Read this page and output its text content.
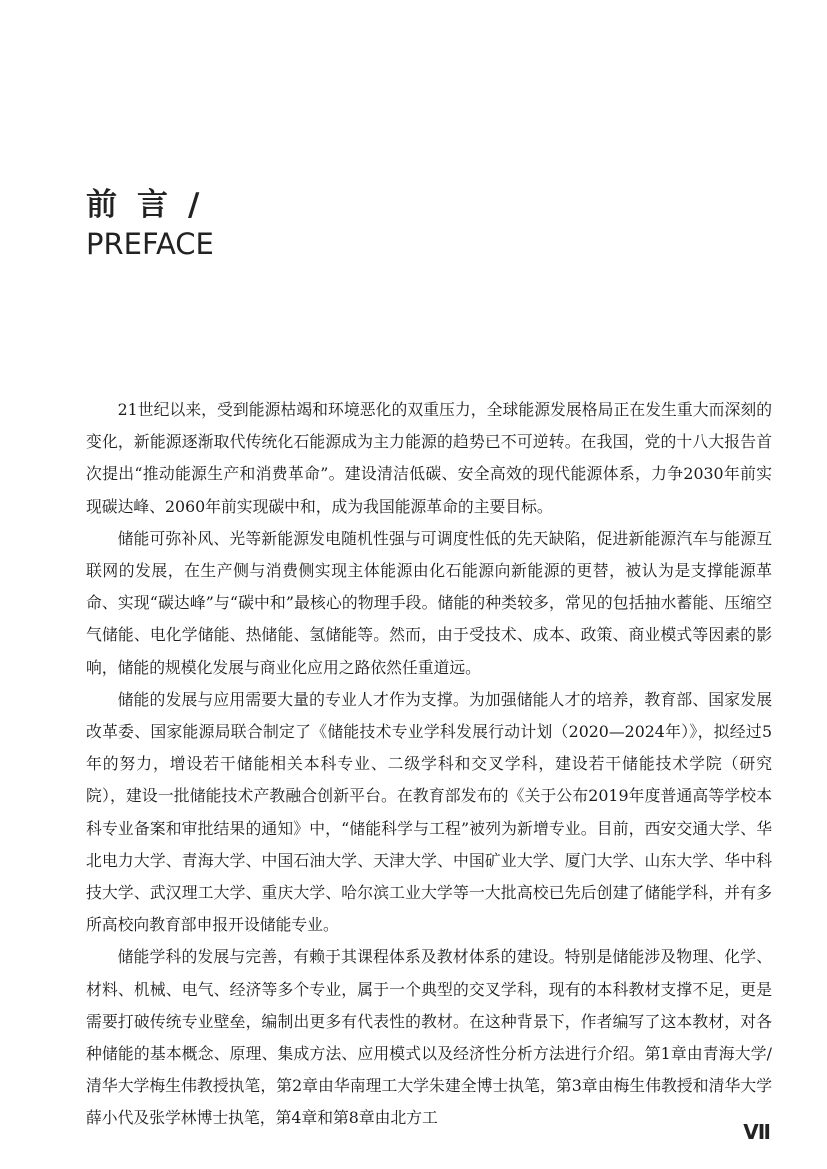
前言/
PREFACE

21世纪以来，受到能源枯竭和环境恶化的双重压力，全球能源发展格局正在发生重大而深刻的变化，新能源逐渐取代传统化石能源成为主力能源的趋势已不可逆转。在我国，党的十八大报告首次提出“推动能源生产和消费革命”。建设清洁低碳、安全高效的现代能源体系，力争2030年前实现碳达峰、2060年前实现碳中和，成为我国能源革命的主要目标。

储能可弥补风、光等新能源发电随机性强与可调度性低的先天缺陷，促进新能源汽车与能源互联网的发展，在生产侧与消费侧实现主体能源由化石能源向新能源的更替，被认为是支撑能源革命、实现“碳达峰”与“碳中和”最核心的物理手段。储能的种类较多，常见的包括抽水蓄能、压缩空气储能、电化学储能、热储能、氢储能等。然而，由于受技术、成本、政策、商业模式等因素的影响，储能的规模化发展与商业化应用之路依然任重道远。

储能的发展与应用需要大量的专业人才作为支撑。为加强储能人才的培养，教育部、国家发展改革委、国家能源局联合制定了《储能技术专业学科发展行动计划（2020—2024年）》，拟经过5年的努力，增设若干储能相关本科专业、二级学科和交叉学科，建设若干储能技术学院（研究院），建设一批储能技术产教融合创新平台。在教育部发布的《关于公布2019年度普通高等学校本科专业备案和审批结果的通知》中，“储能科学与工程”被列为新增专业。目前，西安交通大学、华北电力大学、青海大学、中国石油大学、天津大学、中国矿业大学、厦门大学、山东大学、华中科技大学、武汉理工大学、重庆大学、哈尔滨工业大学等一大批高校已先后创建了储能学科，并有多所高校向教育部申报开设储能专业。

储能学科的发展与完善，有赖于其课程体系及教材体系的建设。特别是储能涉及物理、化学、材料、机械、电气、经济等多个专业，属于一个典型的交叉学科，现有的本科教材支撑不足，更是需要打破传统专业壁垒，编制出更多有代表性的教材。在这种背景下，作者编写了这本教材，对各种储能的基本概念、原理、集成方法、应用模式以及经济性分析方法进行介绍。第1章由青海大学/清华大学梅生伟教授执笔，第2章由华南理工大学朱建全博士执笔，第3章由梅生伟教授和清华大学薛小代及张学林博士执笔，第4章和第8章由北方工

Ⅶ
